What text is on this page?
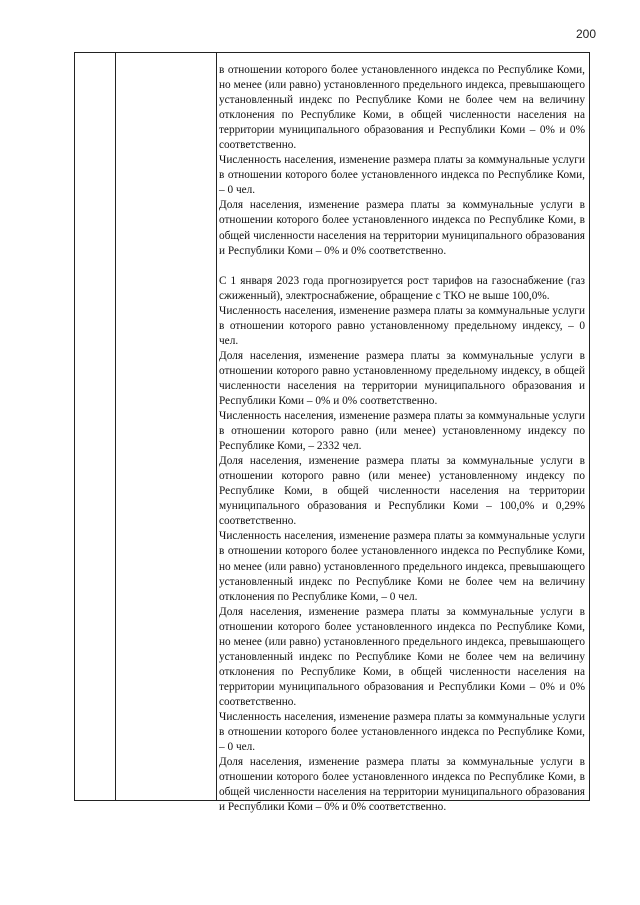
200

в отношении которого более установленного индекса по Республике Коми, но менее (или равно) установленного предельного индекса, превышающего установленный индекс по Республике Коми не более чем на величину отклонения по Республике Коми, в общей численности населения на территории муниципального образования и Республики Коми – 0% и 0% соответственно.

Численность населения, изменение размера платы за коммунальные услуги в отношении которого более установленного индекса по Республике Коми, – 0 чел.

Доля населения, изменение размера платы за коммунальные услуги в отношении которого более установленного индекса по Республике Коми, в общей численности населения на территории муниципального образования и Республики Коми – 0% и 0% соответственно.

С 1 января 2023 года прогнозируется рост тарифов на газоснабжение (газ сжиженный), электроснабжение, обращение с ТКО не выше 100,0%.

Численность населения, изменение размера платы за коммунальные услуги в отношении которого равно установленному предельному индексу, – 0 чел.

Доля населения, изменение размера платы за коммунальные услуги в отношении которого равно установленному предельному индексу, в общей численности населения на территории муниципального образования и Республики Коми – 0% и 0% соответственно.

Численность населения, изменение размера платы за коммунальные услуги в отношении которого равно (или менее) установленному индексу по Республике Коми, – 2332 чел.

Доля населения, изменение размера платы за коммунальные услуги в отношении которого равно (или менее) установленному индексу по Республике Коми, в общей численности населения на территории муниципального образования и Республики Коми – 100,0% и 0,29% соответственно.

Численность населения, изменение размера платы за коммунальные услуги в отношении которого более установленного индекса по Республике Коми, но менее (или равно) установленного предельного индекса, превышающего установленный индекс по Республике Коми не более чем на величину отклонения по Республике Коми, – 0 чел.

Доля населения, изменение размера платы за коммунальные услуги в отношении которого более установленного индекса по Республике Коми, но менее (или равно) установленного предельного индекса, превышающего установленный индекс по Республике Коми не более чем на величину отклонения по Республике Коми, в общей численности населения на территории муниципального образования и Республики Коми – 0% и 0% соответственно.

Численность населения, изменение размера платы за коммунальные услуги в отношении которого более установленного индекса по Республике Коми, – 0 чел.

Доля населения, изменение размера платы за коммунальные услуги в отношении которого более установленного индекса по Республике Коми, в общей численности населения на территории муниципального образования и Республики Коми – 0% и 0% соответственно.
